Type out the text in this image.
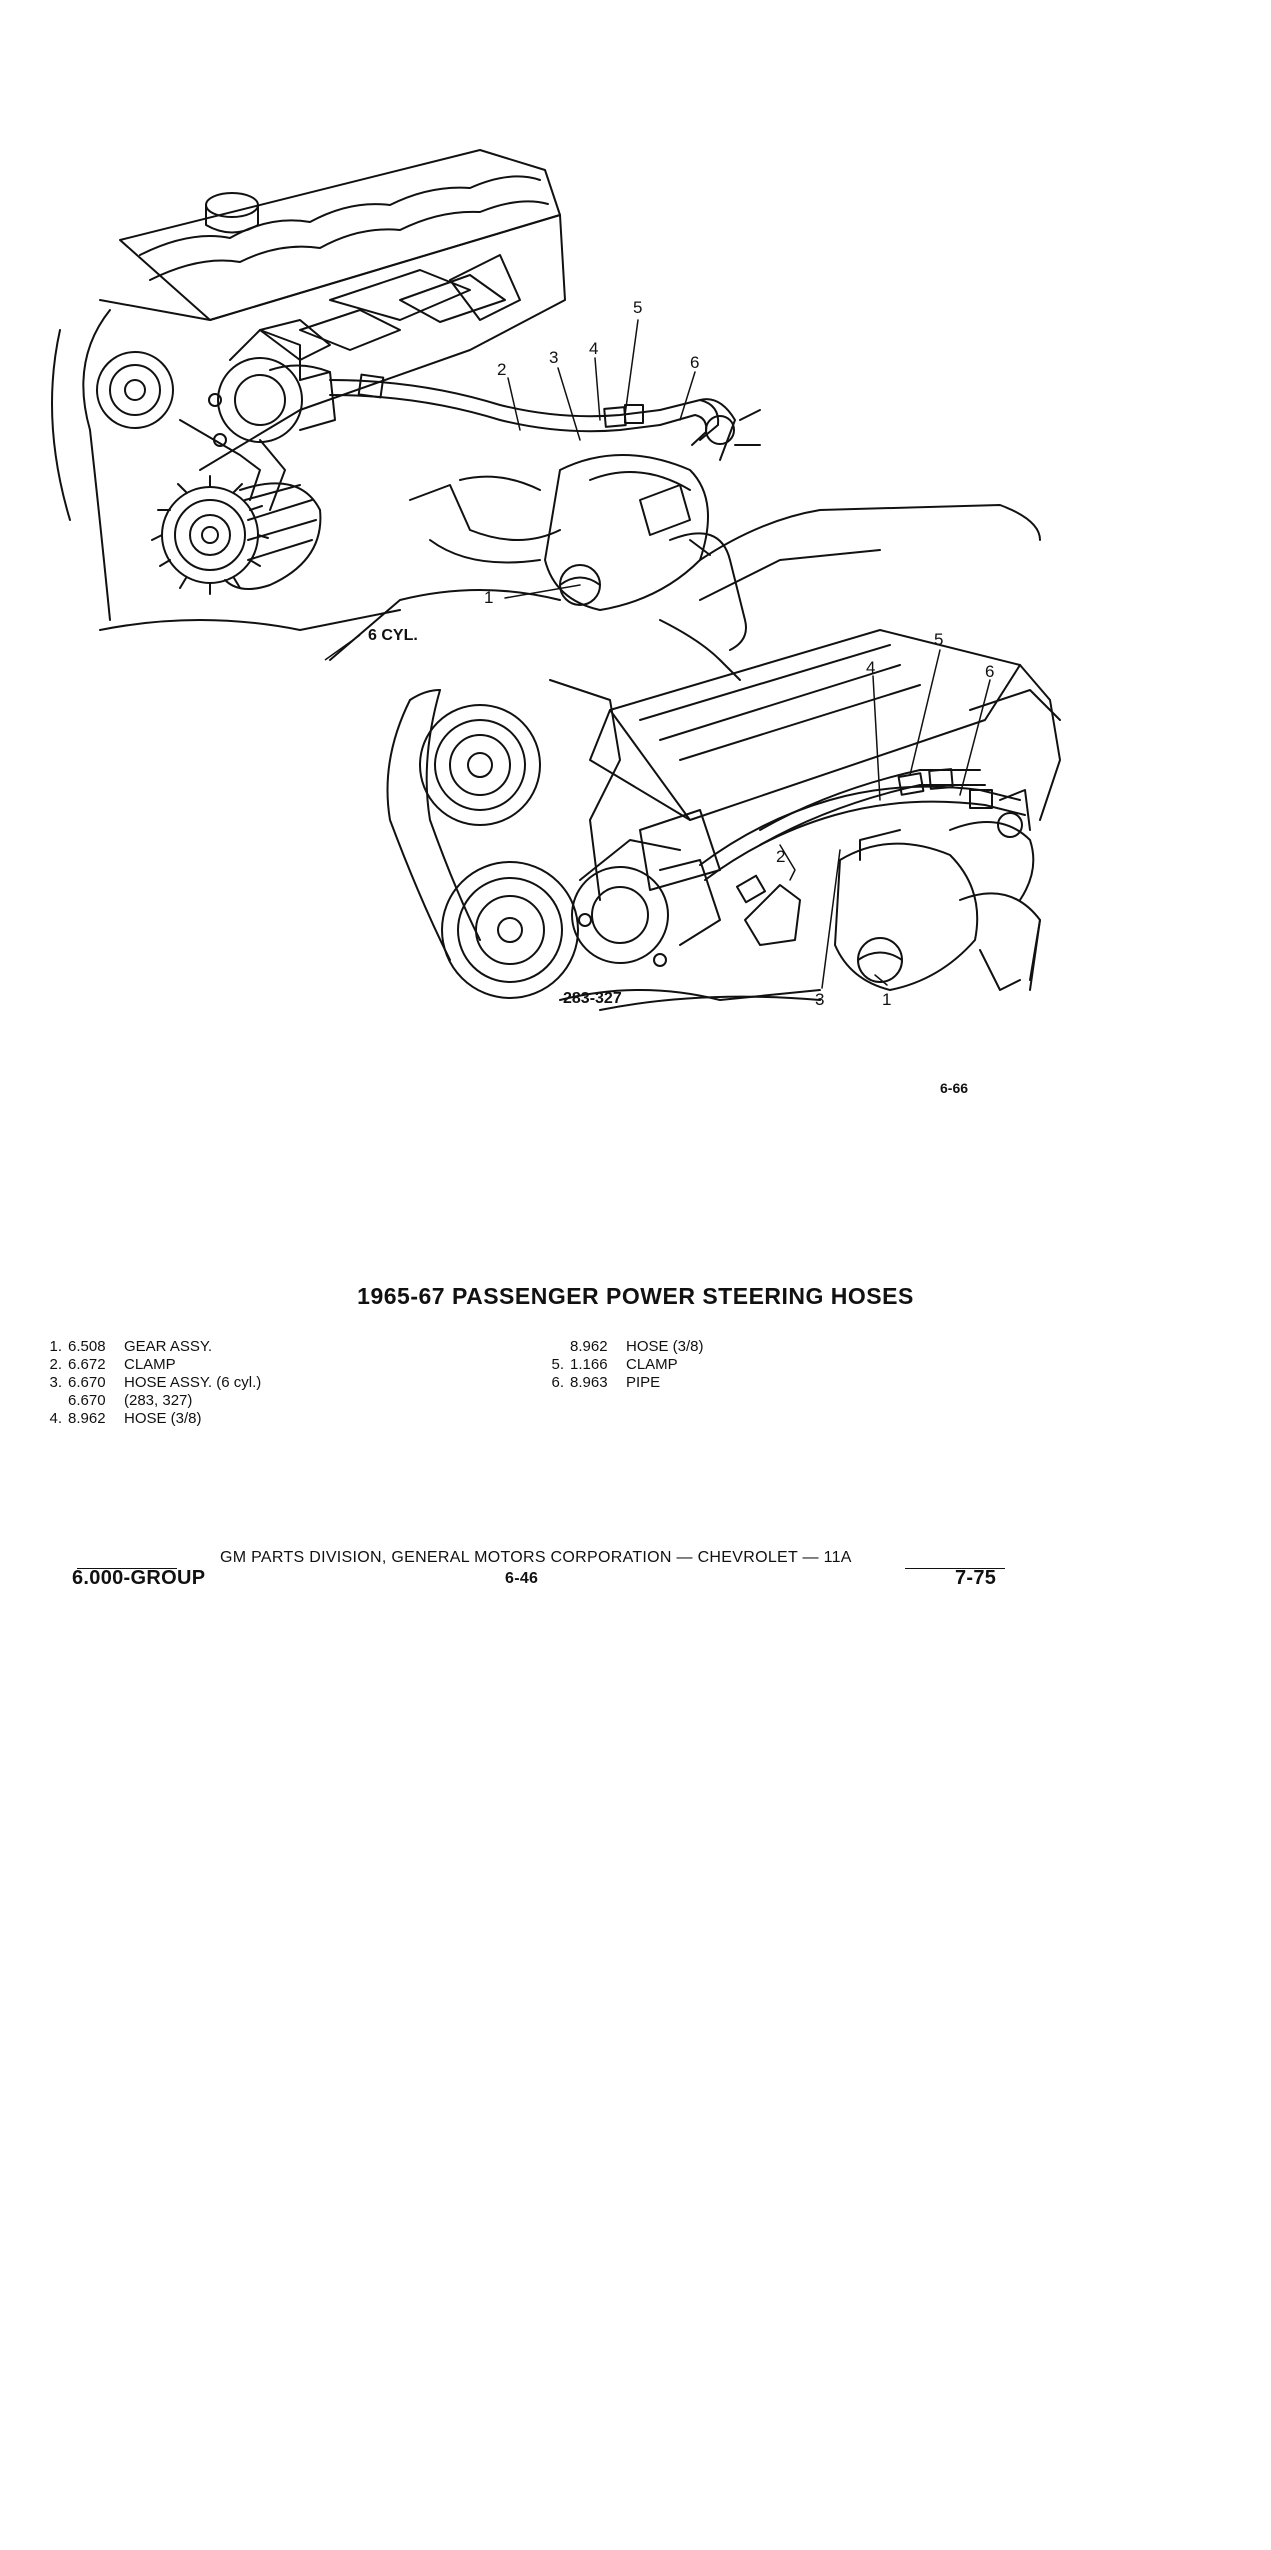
1
2
3 4
5
6
1
2
3
4
5
6
6 CYL.
283-327
6-66
1965-67 PASSENGER POWER STEERING HOSES
1. 6.508	GEAR ASSY.
2. 6.672	CLAMP
3. 6.670	HOSE ASSY. (6 cyl.)
6.670	(283, 327)
4. 8.962	HOSE (3/8)
8.962	HOSE (3/8)
5. 1.166	CLAMP
6. 8.963	PIPE
GM PARTS DIVISION, GENERAL MOTORS CORPORATION — CHEVROLET — 11A
6.000-GROUP	6-46	7-75
